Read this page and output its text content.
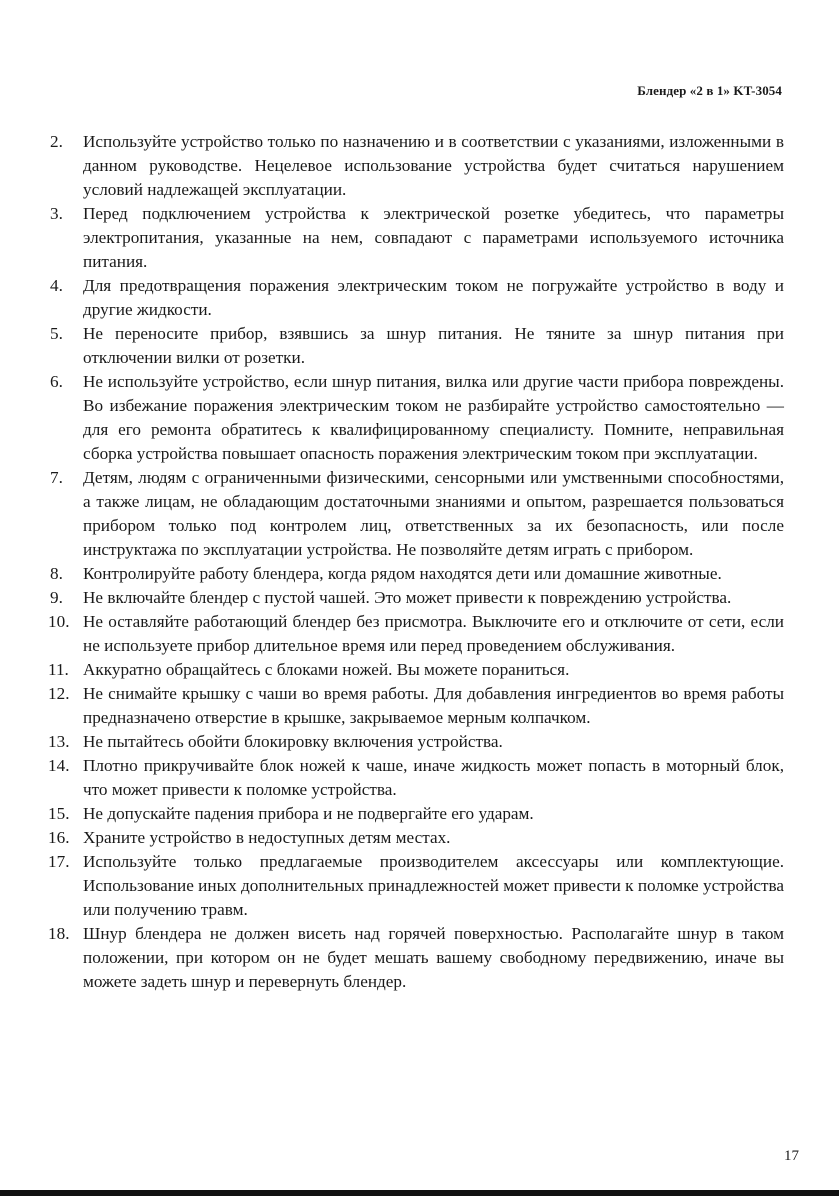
Блендер «2 в 1» KT-3054
2.	Используйте устройство только по назначению и в соответствии с указаниями, изложенными в данном руководстве. Нецелевое использование устройства будет считаться нарушением условий надлежащей эксплуатации.
3.	Перед подключением устройства к электрической розетке убедитесь, что параметры электропитания, указанные на нем, совпадают с параметрами используемого источника питания.
4.	Для предотвращения поражения электрическим током не погружайте устройство в воду и другие жидкости.
5.	Не переносите прибор, взявшись за шнур питания. Не тяните за шнур питания при отключении вилки от розетки.
6.	Не используйте устройство, если шнур питания, вилка или другие части прибора повреждены. Во избежание поражения электрическим током не разбирайте устройство самостоятельно — для его ремонта обратитесь к квалифицированному специалисту. Помните, неправильная сборка устройства повышает опасность поражения электрическим током при эксплуатации.
7.	Детям, людям с ограниченными физическими, сенсорными или умственными способностями, а также лицам, не обладающим достаточными знаниями и опытом, разрешается пользоваться прибором только под контролем лиц, ответственных за их безопасность, или после инструктажа по эксплуатации устройства. Не позволяйте детям играть с прибором.
8.	Контролируйте работу блендера, когда рядом находятся дети или домашние животные.
9.	Не включайте блендер с пустой чашей. Это может привести к повреждению устройства.
10. Не оставляйте работающий блендер без присмотра. Выключите его и отключите от сети, если не используете прибор длительное время или перед проведением обслуживания.
11. Аккуратно обращайтесь с блоками ножей. Вы можете пораниться.
12. Не снимайте крышку с чаши во время работы. Для добавления ингредиентов во время работы предназначено отверстие в крышке, закрываемое мерным колпачком.
13. Не пытайтесь обойти блокировку включения устройства.
14. Плотно прикручивайте блок ножей к чаше, иначе жидкость может попасть в моторный блок, что может привести к поломке устройства.
15. Не допускайте падения прибора и не подвергайте его ударам.
16. Храните устройство в недоступных детям местах.
17. Используйте только предлагаемые производителем аксессуары или комплектующие. Использование иных дополнительных принадлежностей может привести к поломке устройства или получению травм.
18. Шнур блендера не должен висеть над горячей поверхностью. Располагайте шнур в таком положении, при котором он не будет мешать вашему свободному передвижению, иначе вы можете задеть шнур и перевернуть блендер.
17
